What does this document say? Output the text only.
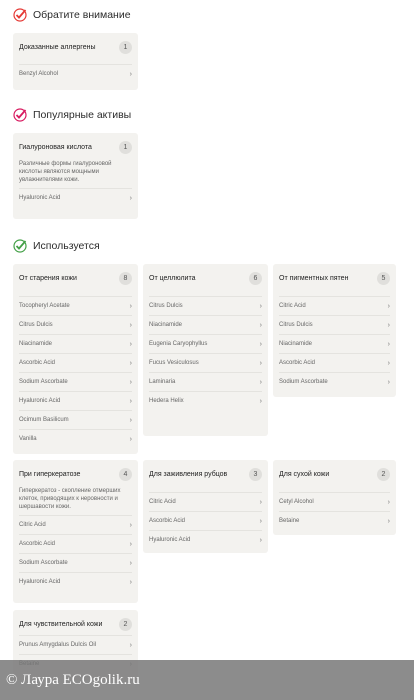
Обратите внимание
Популярные активы
Используется
Доказанные аллергены	1
Benzyl Alcohol	›
Гиалуроновая кислота	1
Различные формы гиалуроновой кислоты являются мощными увлажнителями кожи.
Hyaluronic Acid	›
От старения кожи	8
Tocopheryl Acetate	›
Citrus Dulcis	›
Niacinamide	›
Ascorbic Acid	›
Sodium Ascorbate	›
Hyaluronic Acid	›
Ocimum Basilicum	›
Vanilla	›
От целлюлита	6
Citrus Dulcis	›
Niacinamide	›
Eugenia Caryophyllus	›
Fucus Vesiculosus	›
Laminaria	›
Hedera Helix	›
От пигментных пятен	5
Citric Acid	›
Citrus Dulcis	›
Niacinamide	›
Ascorbic Acid	›
Sodium Ascorbate	›
При гиперкератозе	4
Гиперкератоз - скопление отмерших клеток, приводящих к неровности и шершавости кожи.
Citric Acid	›
Ascorbic Acid	›
Sodium Ascorbate	›
Hyaluronic Acid	›
Для заживления рубцов	3
Citric Acid	›
Ascorbic Acid	›
Hyaluronic Acid	›
Для сухой кожи	2
Cetyl Alcohol	›
Betaine	›
Для чувствительной кожи	2
Prunus Amygdalus Dulcis Oil	›
© Лаура ECOgolik.ru
